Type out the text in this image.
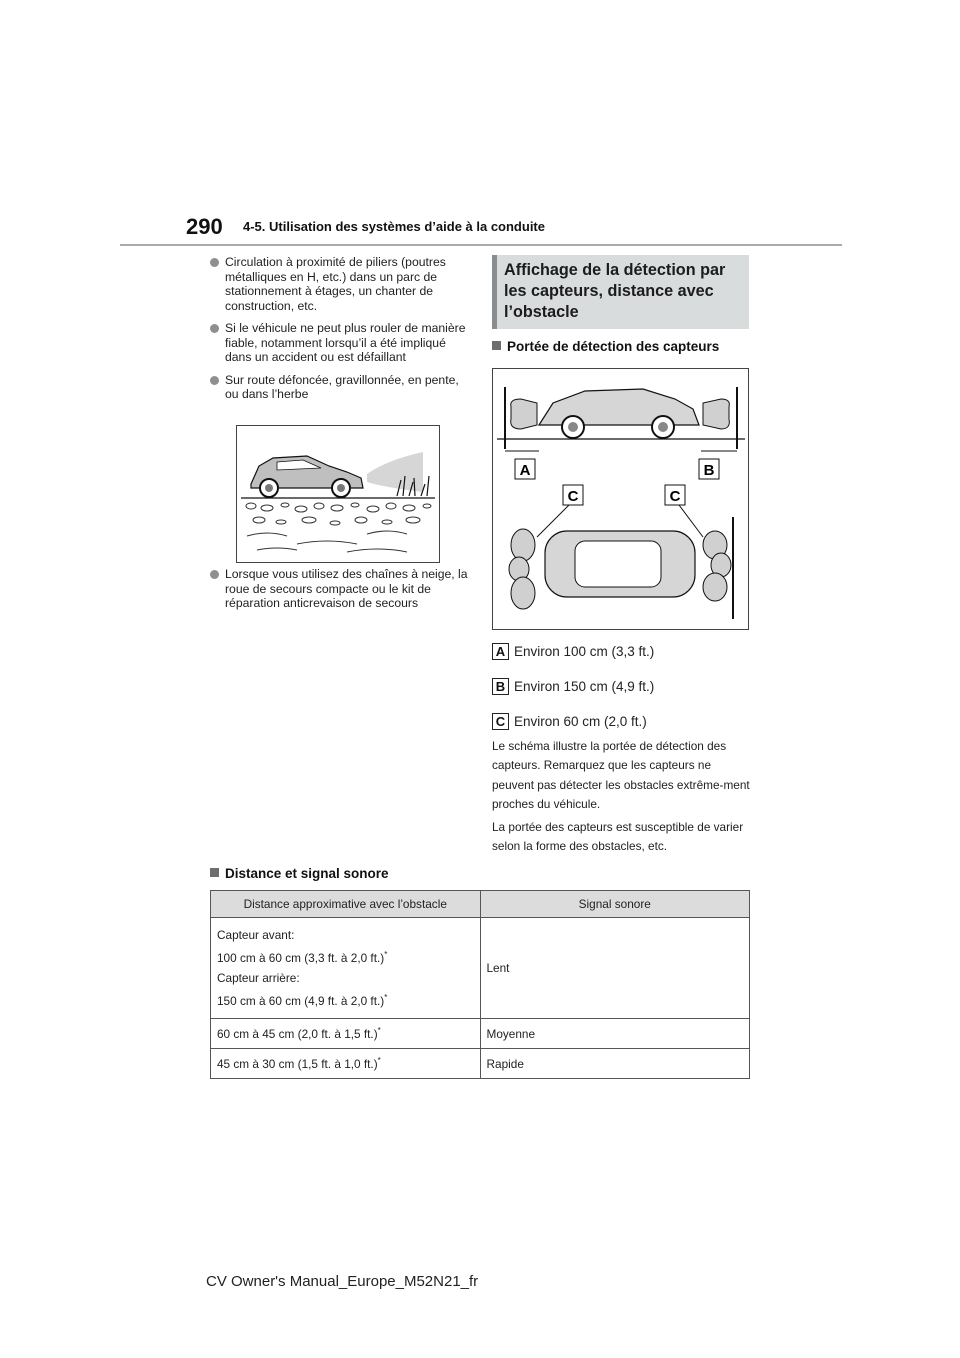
290 4-5. Utilisation des systèmes d’aide à la conduite
Circulation à proximité de piliers (poutres métalliques en H, etc.) dans un parc de stationnement à étages, un chanter de construction, etc.
Si le véhicule ne peut plus rouler de manière fiable, notamment lorsqu’il a été impliqué dans un accident ou est défaillant
Sur route défoncée, gravillonnée, en pente, ou dans l’herbe
Lorsque vous utilisez des chaînes à neige, la roue de secours compacte ou le kit de réparation anticrevaison de secours
Affichage de la détection par les capteurs, distance avec l’obstacle
Portée de détection des capteurs
A	B
C	C
A Environ 100 cm (3,3 ft.)
B Environ 150 cm (4,9 ft.)
C Environ 60 cm (2,0 ft.)
Le schéma illustre la portée de détection des capteurs. Remarquez que les capteurs ne peuvent pas détecter les obstacles extrême-ment proches du véhicule.
La portée des capteurs est susceptible de varier selon la forme des obstacles, etc.
Distance et signal sonore
Distance approximative avec l’obstacle	Signal sonore

Capteur avant:

100 cm à 60 cm (3,3 ft. à 2,0 ft.)*

Capteur arrière:

150 cm à 60 cm (4,9 ft. à 2,0 ft.)*	Lent
60 cm à 45 cm (2,0 ft. à 1,5 ft.)*	Moyenne
45 cm à 30 cm (1,5 ft. à 1,0 ft.)*	Rapide
CV Owner's Manual_Europe_M52N21_fr
